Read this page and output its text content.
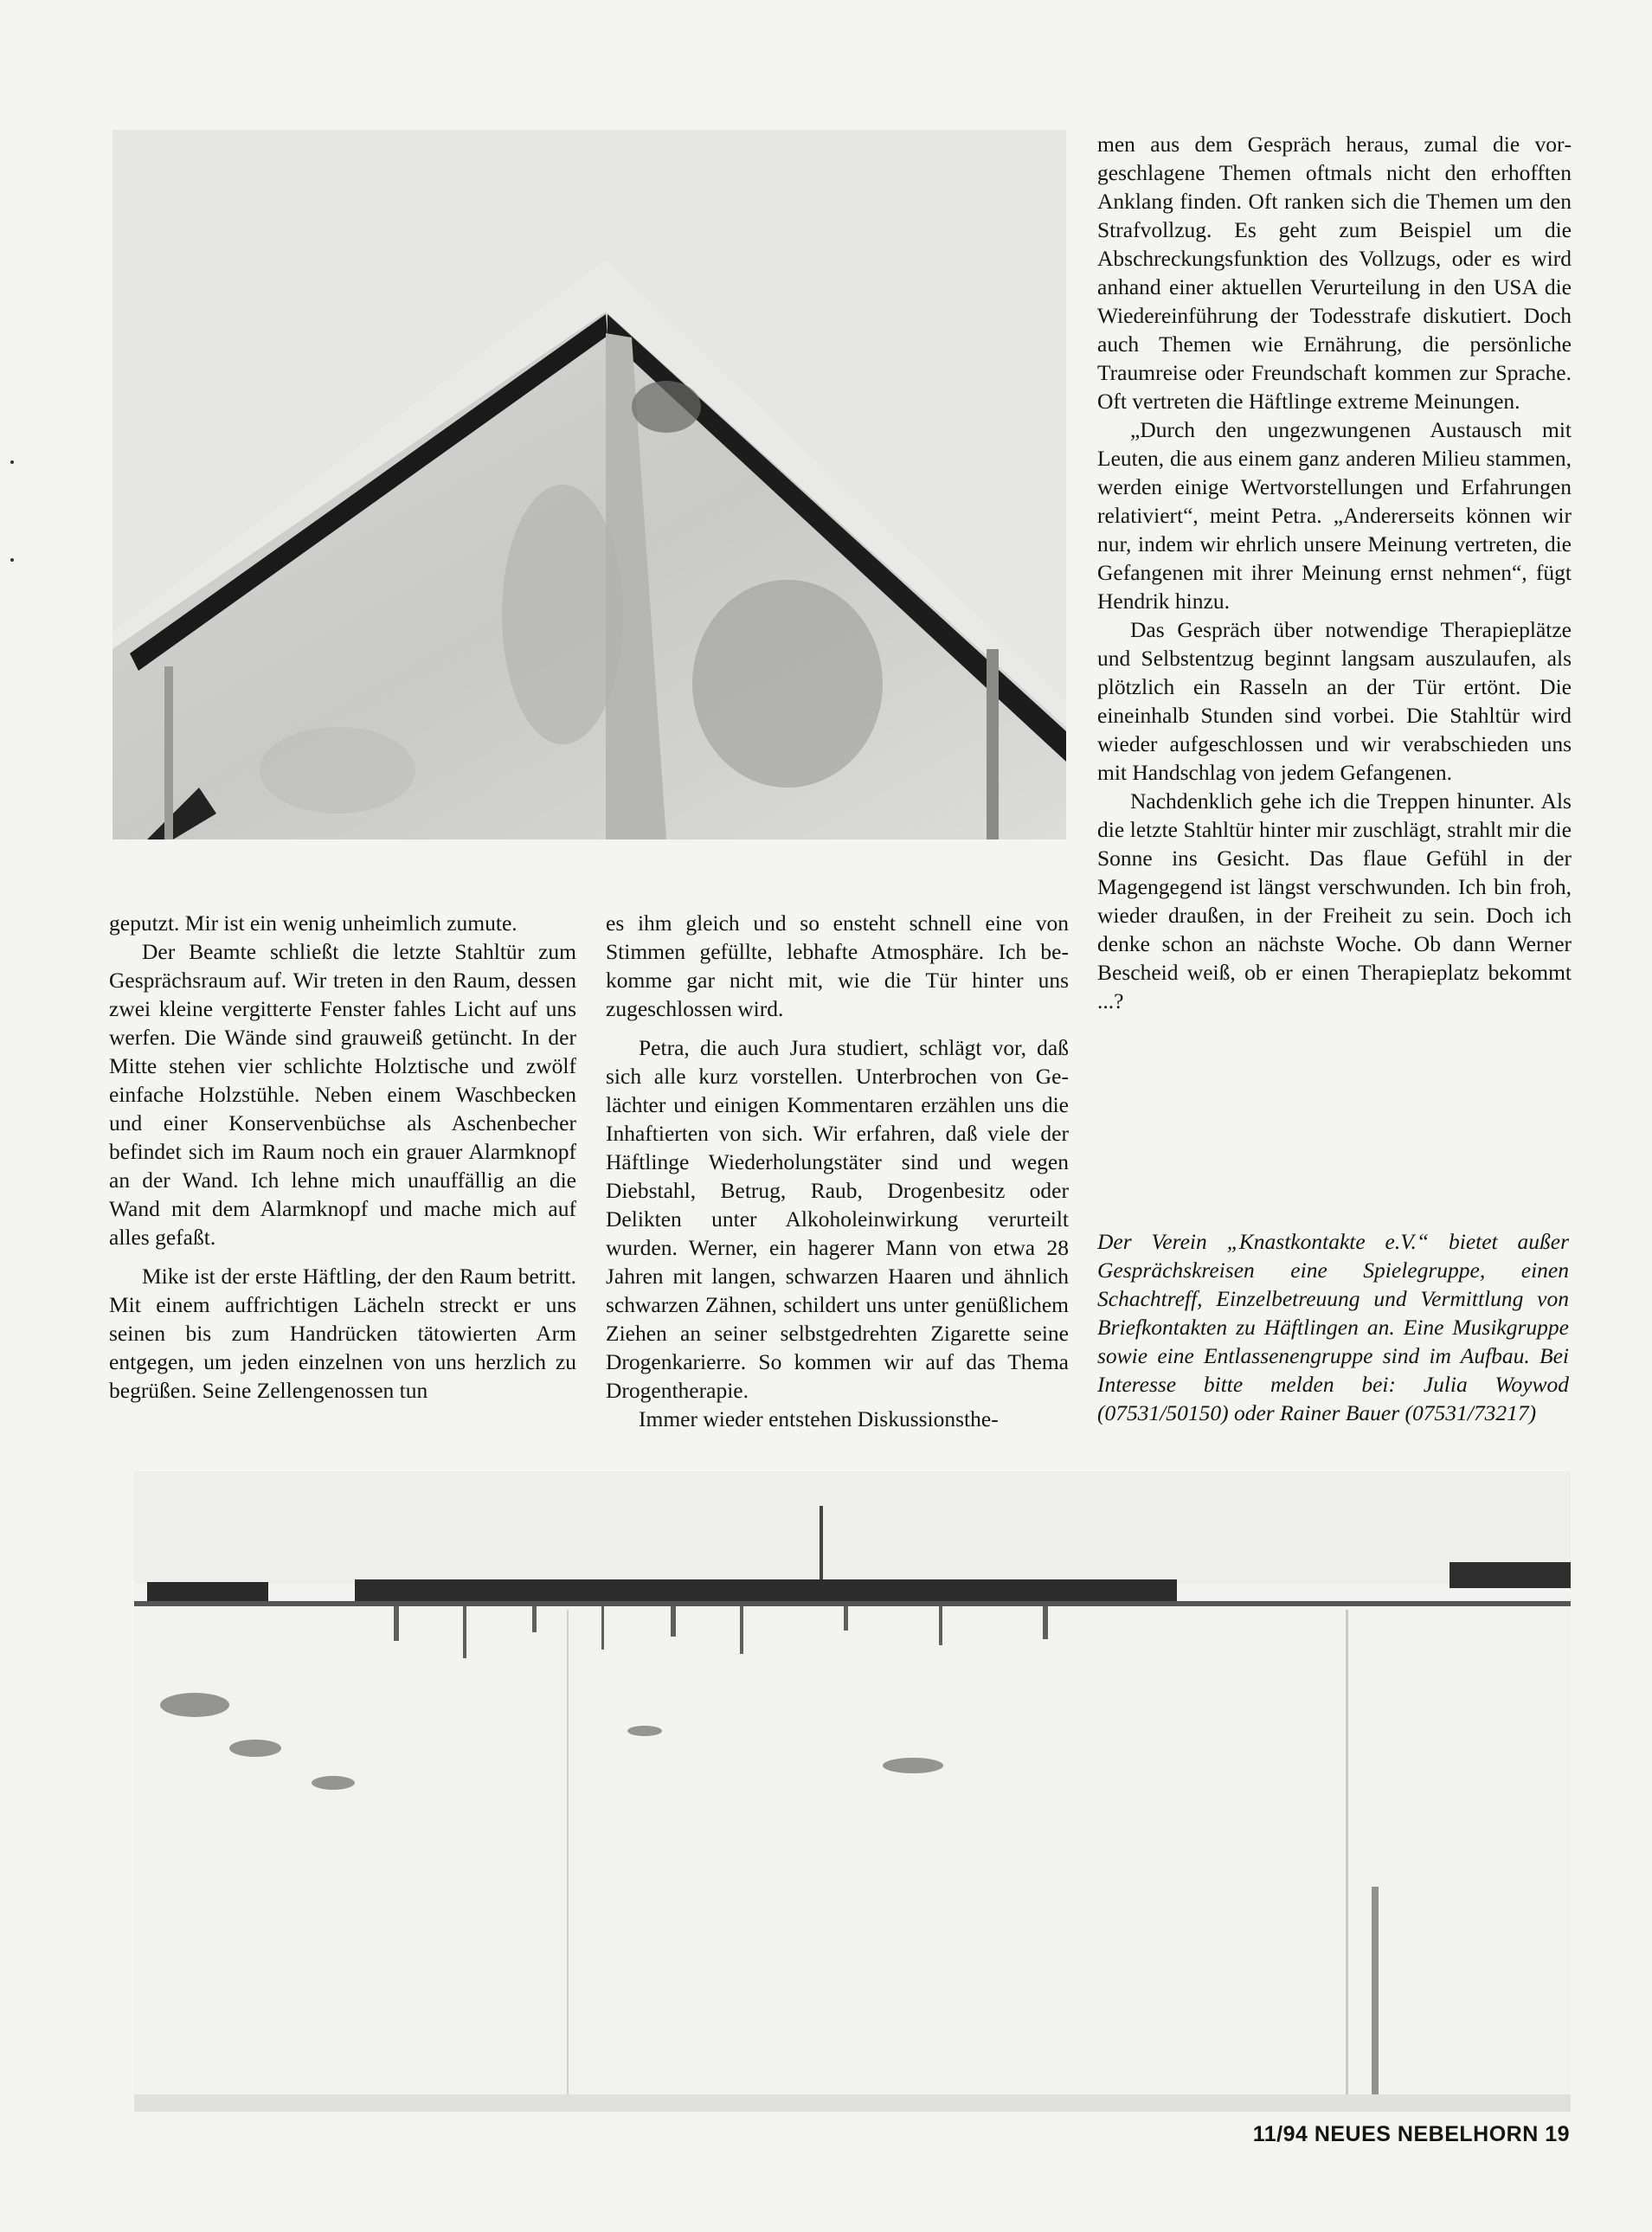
geputzt. Mir ist ein wenig unheimlich zumute.

Der Beamte schließt die letzte Stahltür zum Gesprächsraum auf. Wir treten in den Raum, dessen zwei kleine vergitterte Fenster fahles Licht auf uns werfen. Die Wände sind grauweiß getüncht. In der Mitte stehen vier schlichte Holztische und zwölf einfache Holzstühle. Neben einem Waschbecken und einer Konservenbüchse als Aschenbecher befindet sich im Raum noch ein grauer Alarmknopf an der Wand. Ich lehne mich unauffällig an die Wand mit dem Alarmknopf und mache mich auf alles gefaßt.

Mike ist der erste Häftling, der den Raum betritt. Mit einem auffrichtigen Lächeln streckt er uns seinen bis zum Handrücken tätowierten Arm entgegen, um jeden einzelnen von uns herzlich zu begrüßen. Seine Zellengenossen tun

es ihm gleich und so ensteht schnell eine von Stimmen gefüllte, lebhafte Atmosphäre. Ich bekomme gar nicht mit, wie die Tür hinter uns zugeschlossen wird.

Petra, die auch Jura studiert, schlägt vor, daß sich alle kurz vorstellen. Unterbrochen von Gelächter und einigen Kommentaren erzählen uns die Inhaftierten von sich. Wir erfahren, daß viele der Häftlinge Wiederholungstäter sind und wegen Diebstahl, Betrug, Raub, Drogenbesitz oder Delikten unter Alkoholeinwirkung verurteilt wurden. Werner, ein hagerer Mann von etwa 28 Jahren mit langen, schwarzen Haaren und ähnlich schwarzen Zähnen, schildert uns unter genüßlichem Ziehen an seiner selbstgedrehten Zigarette seine Drogenkarierre. So kommen wir auf das Thema Drogentherapie.

Immer wieder entstehen Diskussionsthe-

men aus dem Gespräch heraus, zumal die vorgeschlagene Themen oftmals nicht den erhofften Anklang finden. Oft ranken sich die Themen um den Strafvollzug. Es geht zum Beispiel um die Abschreckungsfunktion des Vollzugs, oder es wird anhand einer aktuellen Verurteilung in den USA die Wiedereinführung der Todesstrafe diskutiert. Doch auch Themen wie Ernährung, die persönliche Traumreise oder Freundschaft kommen zur Sprache. Oft vertreten die Häftlinge extreme Meinungen.

„Durch den ungezwungenen Austausch mit Leuten, die aus einem ganz anderen Milieu stammen, werden einige Wertvorstellungen und Erfahrungen relativiert“, meint Petra. „Andererseits können wir nur, indem wir ehrlich unsere Meinung vertreten, die Gefangenen mit ihrer Meinung ernst nehmen“, fügt Hendrik hinzu.

Das Gespräch über notwendige Therapieplätze und Selbstentzug beginnt langsam auszulaufen, als plötzlich ein Rasseln an der Tür ertönt. Die eineinhalb Stunden sind vorbei. Die Stahltür wird wieder aufgeschlossen und wir verabschieden uns mit Handschlag von jedem Gefangenen.

Nachdenklich gehe ich die Treppen hinunter. Als die letzte Stahltür hinter mir zuschlägt, strahlt mir die Sonne ins Gesicht. Das flaue Gefühl in der Magengegend ist längst verschwunden. Ich bin froh, wieder draußen, in der Freiheit zu sein. Doch ich denke schon an nächste Woche. Ob dann Werner Bescheid weiß, ob er einen Therapieplatz bekommt ...?

Der Verein „Knastkontakte e.V.“ bietet außer Gesprächskreisen eine Spielegruppe, einen Schachtreff, Einzelbetreuung und Vermittlung von Briefkontakten zu Häftlingen an. Eine Musikgruppe sowie eine Entlassenengruppe sind im Aufbau. Bei Interesse bitte melden bei: Julia Woywod (07531/50150) oder Rainer Bauer (07531/73217)

11/94 NEUES NEBELHORN 19
